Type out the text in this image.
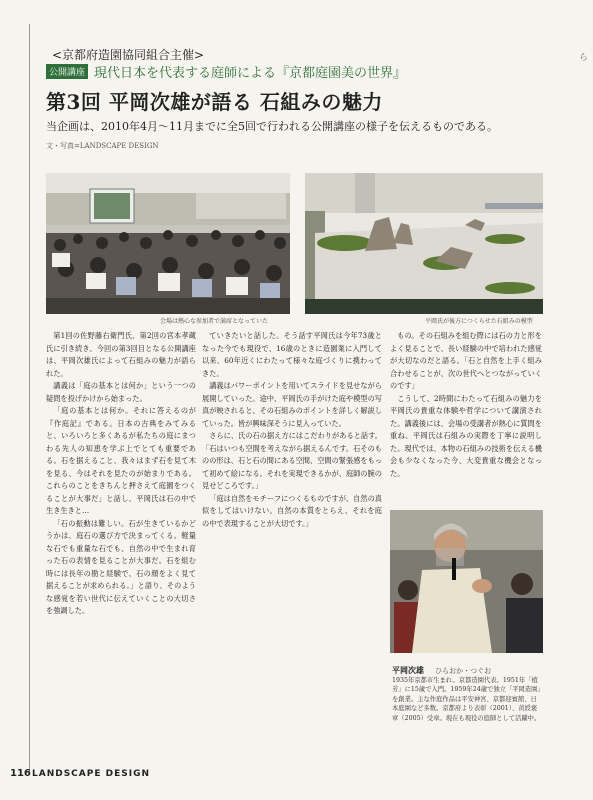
ら
<京都府造園協同組合主催>
公開講座 現代日本を代表する庭師による『京都庭園美の世界』
第3回 平岡次雄が語る 石組みの魅力
当企画は、2010年4月～11月までに全5回で行われる公開講座の様子を伝えるものである。
文・写真=LANDSCAPE DESIGN
会場は熱心な参加者で満席となっていた	平岡氏が後方につくらせた石組みの模型

第1回の佐野藤右衛門氏、第2回の宮本孝蔵氏に引き続き、今回の第3回目となる公開講座は、平岡次雄氏によって石組みの魅力が語られた。

講義は「庭の基本とは何か」という一つの疑問を投げかけから始まった。

「庭の基本とは何か。それに答えるのが『作庭記』である。日本の古典をみてみると、いろいろと多くあるが私たちの庭にまつわる先人の知恵を学ぶ上でとても重要である。石を据えること、我々はまず石を見て木を見る、今はそれを見たのが始まりである。これらのことをきちんと押さえて庭園をつくることが大事だ」と話し、平岡氏は石の中で生き生きと…

「石の振動は難しい。石が生きているかどうかは、庭石の選び方で決まってくる。軽量な石でも重量な石でも、自然の中で生まれ育った石の表情を見ることが大事だ。石を組む時には長年の勘と経験で、石の顔をよく見て据えることが求められる。」と語り、そのような感覚を若い世代に伝えていくことの大切さを強調した。

ていきたいと話した。そう話す平岡氏は今年73歳となった今でも現役で、16歳のときに造園業に入門して以来、60年近くにわたって様々な庭づくりに携わってきた。

講義はパワーポイントを用いてスライドを見せながら展開していった。途中、平岡氏の手がけた庭や模型の写真が映されると、その石組みのポイントを詳しく解説していった。皆が興味深そうに見入っていた。

さらに、氏の石の据え方にはこだわりがあると話す。「石はいつも空間を考えながら据えるんです。石そのものの形は、石と石の間にある空間、空間の緊張感をもって初めて絵になる。それを実現できるかが、庭師の腕の見せどころです。」

「庭は自然をモチーフにつくるものですが、自然の真似をしてはいけない。自然の本質をとらえ、それを庭の中で表現することが大切です。」

もの。その石組みを組む際には石の力と形をよく見ることで、長い経験の中で培われた感覚が大切なのだと語る。「石と自然を上手く組み合わせることが、次の世代へとつながっていくのです」

こうして、2時間にわたって石組みの魅力を平岡氏の貴重な体験や哲学について講演された。講義後には、会場の受講者が熱心に質問を重ね、平岡氏は石組みの実際を丁寧に説明した。現代では、本物の石組みの技術を伝える機会も少なくなった今、大変貴重な機会となった。

平岡次雄 ひらおか・つぐお
1935年京都市生まれ。京都造園代表。1951年「植芳」に15歳で入門。1959年24歳で独立「平岡造園」を創業。主な作庭作品は平安神宮、京都迎賓館、日本庭園など多数。京都府より表彰（2001）、黄綬褒章（2005）受章。現在も現役の庭師として活躍中。
116 LANDSCAPE DESIGN
